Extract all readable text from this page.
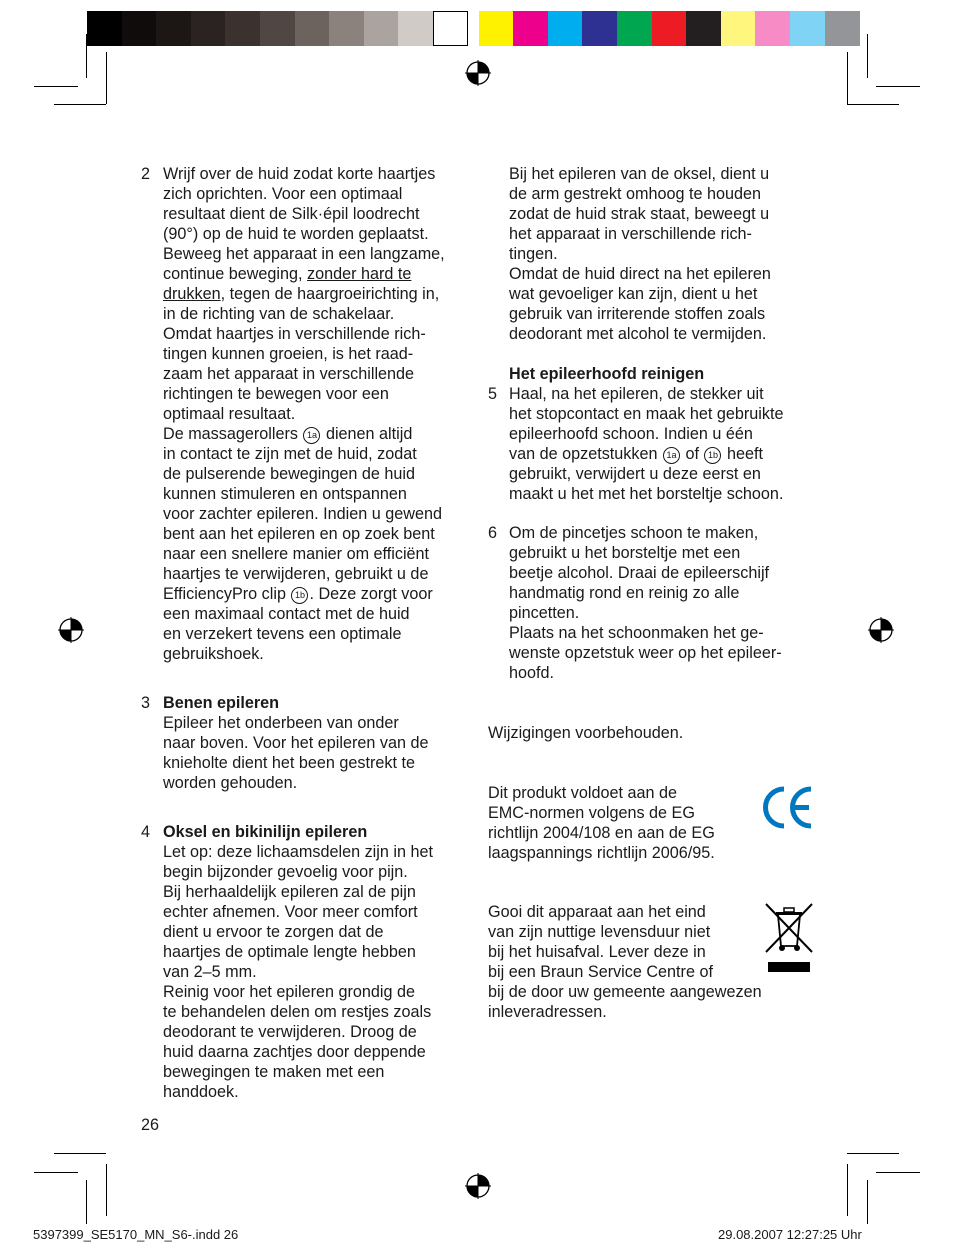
2 Wrijf over de huid zodat korte haartjes
zich oprichten. Voor een optimaal
resultaat dient de Silk·épil loodrecht
(90°) op de huid te worden geplaatst.
Beweeg het apparaat in een langzame,
continue beweging, zonder hard te
drukken, tegen de haargroeirichting in,
in de richting van de schakelaar.
Omdat haartjes in verschillende rich-
tingen kunnen groeien, is het raad-
zaam het apparaat in verschillende
richtingen te bewegen voor een
optimaal resultaat.
De massagerollers 1a dienen altijd
in contact te zijn met de huid, zodat
de pulserende bewegingen de huid
kunnen stimuleren en ontspannen
voor zachter epileren. Indien u gewend
bent aan het epileren en op zoek bent
naar een snellere manier om efficiënt
haartjes te verwijderen, gebruikt u de
EfficiencyPro clip 1b . Deze zorgt voor
een maximaal contact met de huid
en verzekert tevens een optimale
gebruikshoek.
3 Benen epileren
Epileer het onderbeen van onder
naar boven. Voor het epileren van de
knieholte dient het been gestrekt te
worden gehouden.
4 Oksel en bikinilijn epileren
Let op: deze lichaamsdelen zijn in het
begin bijzonder gevoelig voor pijn.
Bij herhaaldelijk epileren zal de pijn
echter afnemen. Voor meer comfort
dient u ervoor te zorgen dat de
haartjes de optimale lengte hebben
van 2–5 mm.
Reinig voor het epileren grondig de
te behandelen delen om restjes zoals
deodorant te verwijderen. Droog de
huid daarna zachtjes door deppende
bewegingen te maken met een
handdoek.
26
Bij het epileren van de oksel, dient u
de arm gestrekt omhoog te houden
zodat de huid strak staat, beweegt u
het apparaat in verschillende rich-
tingen.
Omdat de huid direct na het epileren
wat gevoeliger kan zijn, dient u het
gebruik van irriterende stoffen zoals
deodorant met alcohol te vermijden.
Het epileerhoofd reinigen
5 Haal, na het epileren, de stekker uit
het stopcontact en maak het gebruikte
epileerhoofd schoon. Indien u één
van de opzetstukken 1a of 1b heeft
gebruikt, verwijdert u deze eerst en
maakt u het met het borsteltje schoon.
6 Om de pincetjes schoon te maken,
gebruikt u het borsteltje met een
beetje alcohol. Draai de epileerschijf
handmatig rond en reinig zo alle
pincetten.
Plaats na het schoonmaken het ge-
wenste opzetstuk weer op het epileer-
hoofd.
Wijzigingen voorbehouden.
Dit produkt voldoet aan de
EMC-normen volgens de EG
richtlijn 2004/108 en aan de EG
laagspannings richtlijn 2006/95.
Gooi dit apparaat aan het eind
van zijn nuttige levensduur niet
bij het huisafval. Lever deze in
bij een Braun Service Centre of
bij de door uw gemeente aangewezen
inleveradressen.
5397399_SE5170_MN_S6-.indd 26	29.08.2007 12:27:25 Uhr
